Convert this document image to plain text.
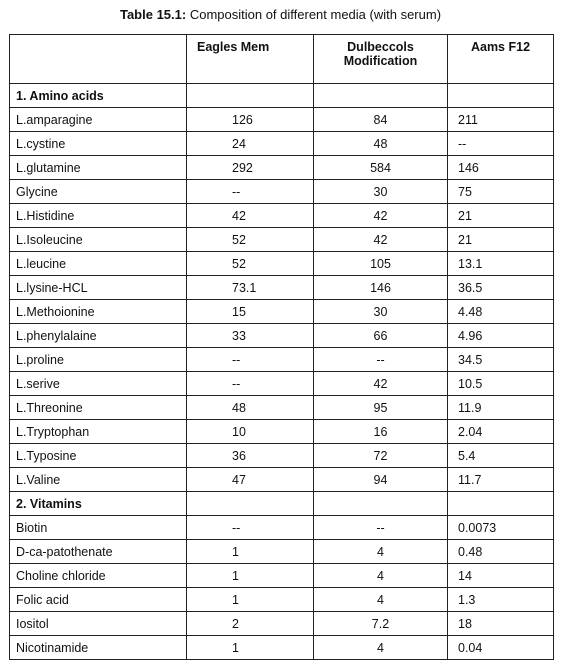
Table 15.1: Composition of different media (with serum)
	Eagles Mem	Dulbeccols Modification	Aams F12
1. Amino acids			
L.amparagine	126	84	211
L.cystine	24	48	--
L.glutamine	292	584	146
Glycine	--	30	75
L.Histidine	42	42	21
L.Isoleucine	52	42	21
L.leucine	52	105	13.1
L.lysine-HCL	73.1	146	36.5
L.Methoionine	15	30	4.48
L.phenylalaine	33	66	4.96
L.proline	--	--	34.5
L.serive	--	42	10.5
L.Threonine	48	95	11.9
L.Tryptophan	10	16	2.04
L.Typosine	36	72	5.4
L.Valine	47	94	11.7
2. Vitamins			
Biotin	--	--	0.0073
D-ca-patothenate	1	4	0.48
Choline chloride	1	4	14
Folic acid	1	4	1.3
Iositol	2	7.2	18
Nicotinamide	1	4	0.04
